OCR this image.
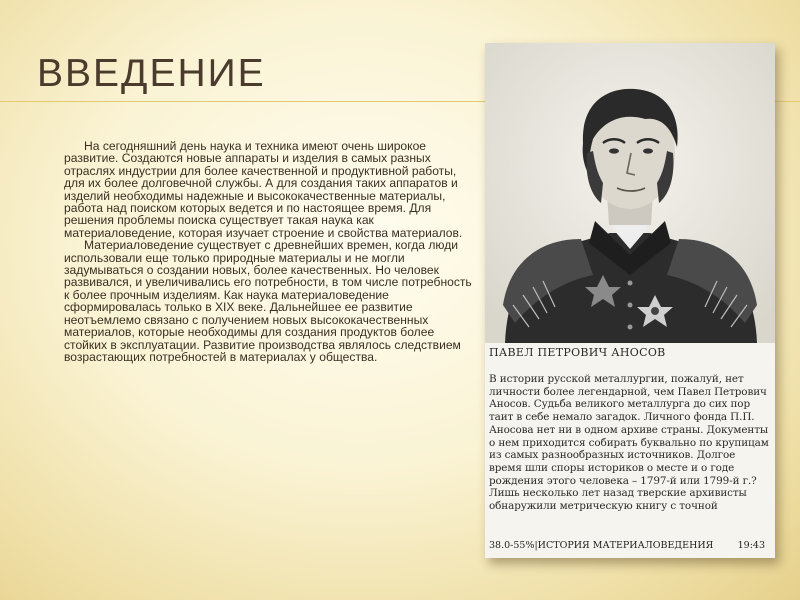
ВВЕДЕНИЕ

На сегодняшний день наука и техника имеют очень широкое развитие. Создаются новые аппараты и изделия в самых разных отраслях индустрии для более качественной и продуктивной работы, для их более долговечной службы. А для создания таких аппаратов и изделий необходимы надежные и высококачественные материалы, работа над поиском которых ведется и по настоящее время. Для решения проблемы поиска существует такая наука как материаловедение, которая изучает строение и свойства материалов.

Материаловедение существует с древнейших времен, когда люди использовали еще только природные материалы и не могли задумываться о создании новых, более качественных. Но человек развивался, и увеличивались его потребности, в том числе потребность к более прочным изделиям. Как наука материаловедение сформировалась только в XIX веке. Дальнейшее ее развитие неотъемлемо связано с получением новых высококачественных материалов, которые необходимы для создания продуктов более стойких в эксплуатации. Развитие производства являлось следствием возрастающих потребностей в материалах у общества.	ПАВЕЛ ПЕТРОВИЧ АНОСОВ

В истории русской металлургии, пожалуй, нет личности более легендарной, чем Павел Петрович Аносов. Судьба великого металлурга до сих пор таит в себе немало загадок. Личного фонда П.П. Аносова нет ни в одном архиве страны. Документы о нем приходится собирать буквально по крупицам из самых разнообразных источников. Долгое время шли споры историков о месте и о годе рождения этого человека – 1797-й или 1799-й г.? Лишь несколько лет назад тверские архивисты обнаружили метрическую книгу с точной

38.0-55%|ИСТОРИЯ МАТЕРИАЛОВЕДЕНИЯ	19:43
